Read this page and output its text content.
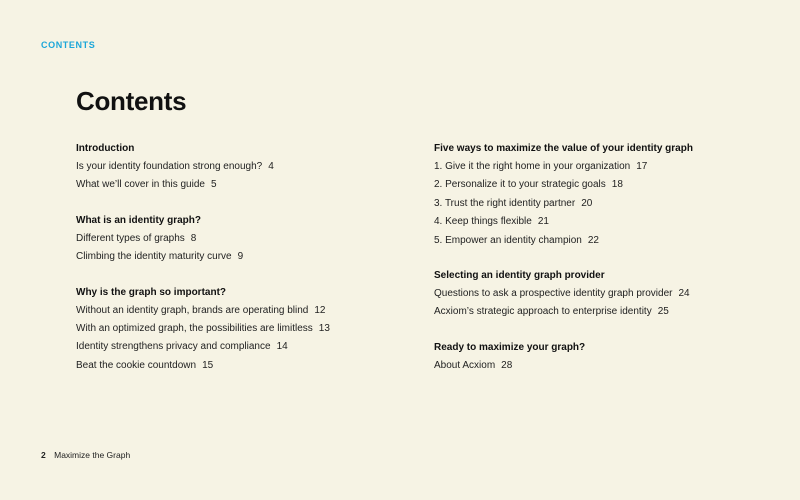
CONTENTS
Contents
Introduction
Is your identity foundation strong enough? 4
What we’ll cover in this guide 5
What is an identity graph?
Different types of graphs 8
Climbing the identity maturity curve 9
Why is the graph so important?
Without an identity graph, brands are operating blind 12
With an optimized graph, the possibilities are limitless 13
Identity strengthens privacy and compliance 14
Beat the cookie countdown 15
Five ways to maximize the value of your identity graph
1. Give it the right home in your organization 17
2. Personalize it to your strategic goals 18
3. Trust the right identity partner 20
4. Keep things flexible 21
5. Empower an identity champion 22
Selecting an identity graph provider
Questions to ask a prospective identity graph provider 24
Acxiom’s strategic approach to enterprise identity 25
Ready to maximize your graph?
About Acxiom 28
2 Maximize the Graph
